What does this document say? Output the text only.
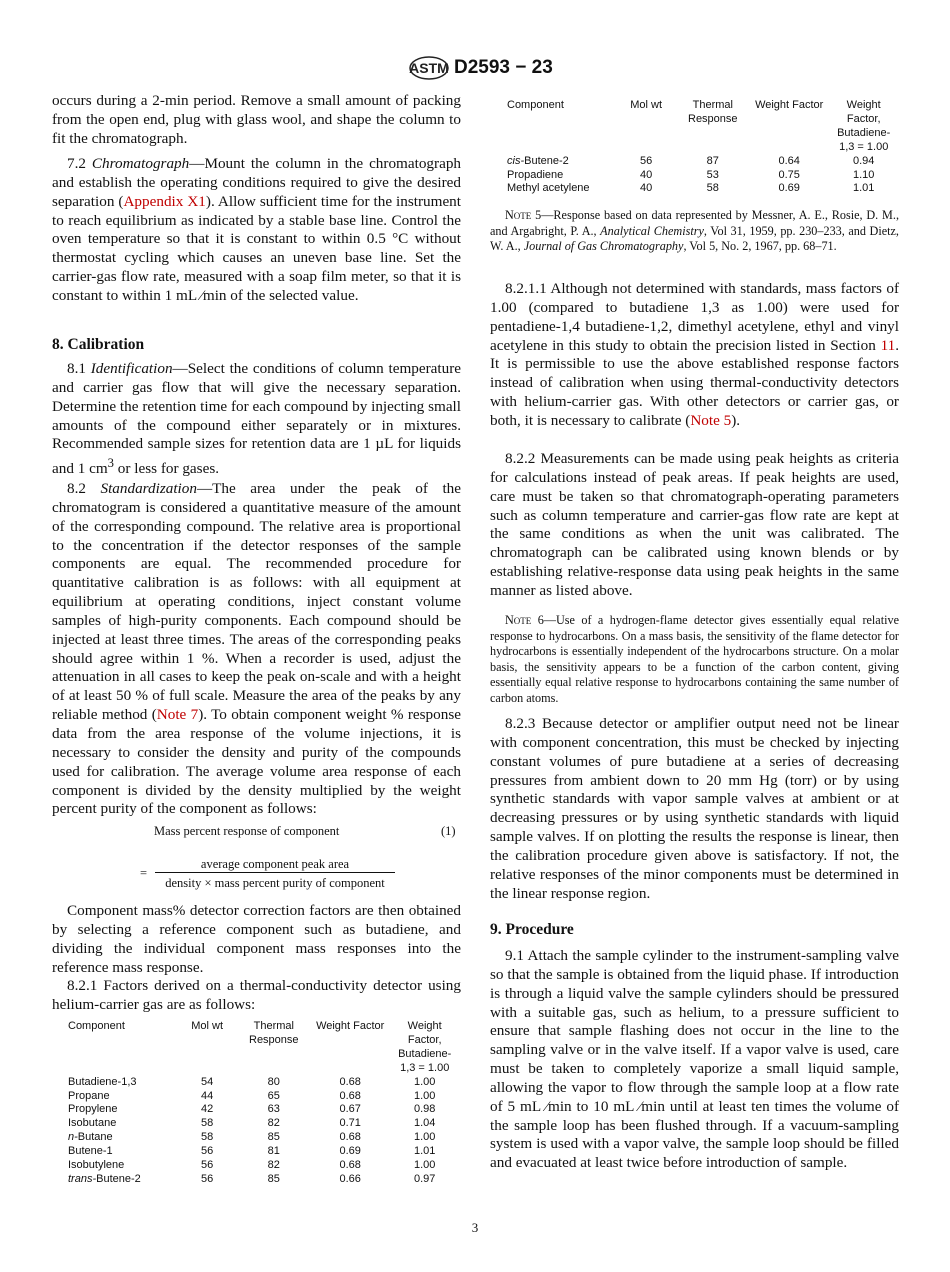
ASTM D2593 − 23

occurs during a 2-min period. Remove a small amount of packing from the open end, plug with glass wool, and shape the column to fit the chromatograph.

7.2 Chromatograph—Mount the column in the chromatograph and establish the operating conditions required to give the desired separation (Appendix X1). Allow sufficient time for the instrument to reach equilibrium as indicated by a stable base line. Control the oven temperature so that it is constant to within 0.5 °C without thermostat cycling which causes an uneven base line. Set the carrier-gas flow rate, measured with a soap film meter, so that it is constant to within 1 mL ⁄min of the selected value.

8. Calibration

8.1 Identification—Select the conditions of column temperature and carrier gas flow that will give the necessary separation. Determine the retention time for each compound by injecting small amounts of the compound either separately or in mixtures. Recommended sample sizes for retention data are 1 µL for liquids and 1 $cm^3$ or less for gases.

8.2 Standardization—The area under the peak of the chromatogram is considered a quantitative measure of the amount of the corresponding compound. The relative area is proportional to the concentration if the detector responses of the sample components are equal. The recommended procedure for quantitative calibration is as follows: with all equipment at equilibrium at operating conditions, inject constant volume samples of high-purity components. Each compound should be injected at least three times. The areas of the corresponding peaks should agree within 1 %. When a recorder is used, adjust the attenuation in all cases to keep the peak on-scale and with a height of at least 50 % of full scale. Measure the area of the peaks by any reliable method (Note 7). To obtain component weight % response data from the area response of the volume injections, it is necessary to consider the density and purity of the compounds used for calibration. The average volume area response of each component is divided by the density multiplied by the weight percent purity of the component as follows:

Mass percent response of component	(1)
=
average component peak area
density × mass percent purity of component

Component mass% detector correction factors are then obtained by selecting a reference component such as butadiene, and dividing the individual component mass responses into the reference mass response.

8.2.1 Factors derived on a thermal-conductivity detector using helium-carrier gas are as follows:

Component	Mol wt	Thermal Response	Weight Factor	Weight Factor, Butadiene-1,3 = 1.00
Butadiene-1,3	54	80	0.68	1.00
Propane	44	65	0.68	1.00
Propylene	42	63	0.67	0.98
Isobutane	58	82	0.71	1.04
n-Butane	58	85	0.68	1.00
Butene-1	56	81	0.69	1.01
Isobutylene	56	82	0.68	1.00
trans-Butene-2	56	85	0.66	0.97
Component	Mol wt	Thermal Response	Weight Factor	Weight Factor, Butadiene-1,3 = 1.00
cis-Butene-2	56	87	0.64	0.94
Propadiene	40	53	0.75	1.10
Methyl acetylene	40	58	0.69	1.01

Note 5—Response based on data represented by Messner, A. E., Rosie, D. M., and Argabright, P. A., Analytical Chemistry, Vol 31, 1959, pp. 230–233, and Dietz, W. A., Journal of Gas Chromatography, Vol 5, No. 2, 1967, pp. 68–71.

8.2.1.1 Although not determined with standards, mass factors of 1.00 (compared to butadiene 1,3 as 1.00) were used for pentadiene-1,4 butadiene-1,2, dimethyl acetylene, ethyl and vinyl acetylene in this study to obtain the precision listed in Section 11. It is permissible to use the above established response factors instead of calibration when using thermal-conductivity detectors with helium-carrier gas. With other detectors or carrier gas, or both, it is necessary to calibrate (Note 5).

8.2.2 Measurements can be made using peak heights as criteria for calculations instead of peak areas. If peak heights are used, care must be taken so that chromatograph-operating parameters such as column temperature and carrier-gas flow rate are kept at the same conditions as when the unit was calibrated. The chromatograph can be calibrated using known blends or by establishing relative-response data using peak heights in the same manner as listed above.

Note 6—Use of a hydrogen-flame detector gives essentially equal relative response to hydrocarbons. On a mass basis, the sensitivity of the flame detector for hydrocarbons is essentially independent of the hydrocarbons structure. On a molar basis, the sensitivity appears to be a function of the carbon content, giving essentially equal relative response to hydrocarbons containing the same number of carbon atoms.

8.2.3 Because detector or amplifier output need not be linear with component concentration, this must be checked by injecting constant volumes of pure butadiene at a series of decreasing pressures from ambient down to 20 mm Hg (torr) or by using synthetic standards with vapor sample valves at ambient or at decreasing pressures or by using synthetic standards with liquid sample valves. If on plotting the results the response is linear, then the calibration procedure given above is satisfactory. If not, the relative responses of the minor components must be determined in the linear response region.

9. Procedure

9.1 Attach the sample cylinder to the instrument-sampling valve so that the sample is obtained from the liquid phase. If introduction is through a liquid valve the sample cylinders should be pressured with a suitable gas, such as helium, to a pressure sufficient to ensure that sample flashing does not occur in the line to the sampling valve or in the valve itself. If a vapor valve is used, care must be taken to completely vaporize a small liquid sample, allowing the vapor to flow through the sample loop at a flow rate of 5 mL ⁄min to 10 mL ⁄min until at least ten times the volume of the sample loop has been flushed through. If a vacuum-sampling system is used with a vapor valve, the sample loop should be filled and evacuated at least twice before introduction of sample.

3
